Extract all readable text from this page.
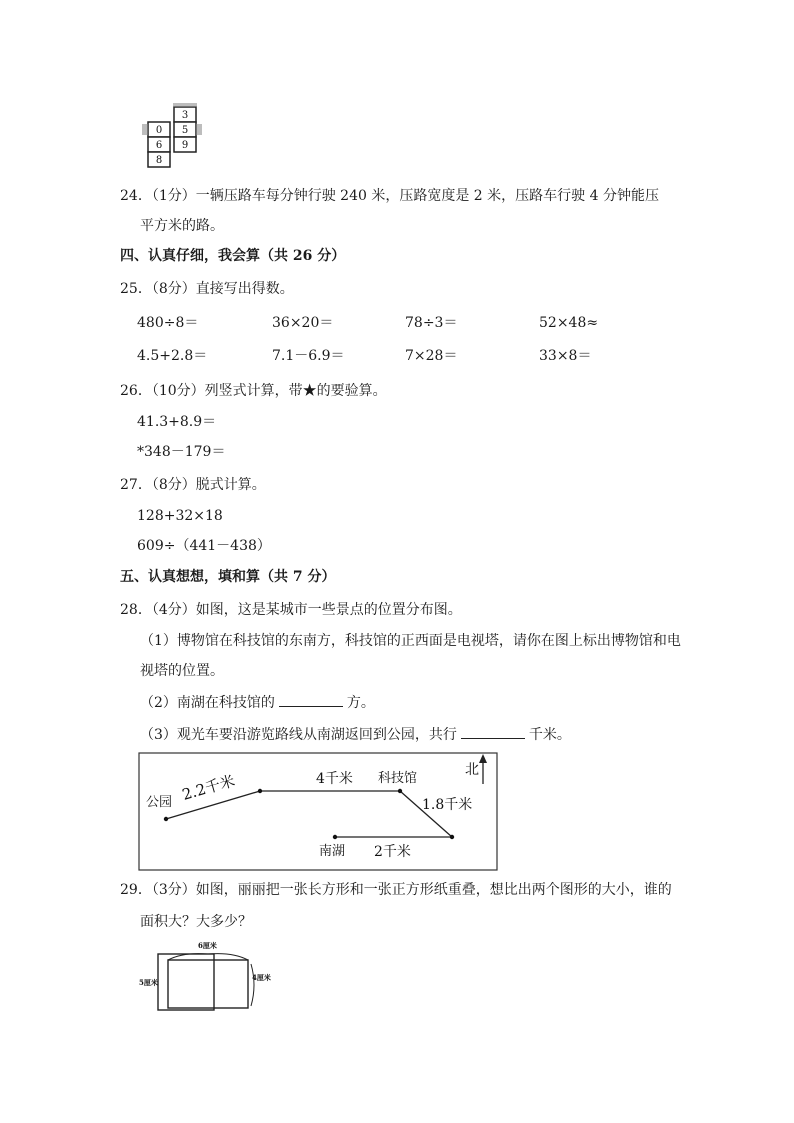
3
0 5
6 9
8
24．（1分）一辆压路车每分钟行驶 240 米，压路宽度是 2 米，压路车行驶 4 分钟能压
平方米的路。
四、认真仔细，我会算（共 26 分）
25．（8分）直接写出得数。
480÷8＝	36×20＝	78÷3＝	52×48≈
4.5+2.8＝	7.1－6.9＝	7×28＝	33×8＝
26．（10分）列竖式计算，带★的要验算。
41.3+8.9＝
*348－179＝
27．（8分）脱式计算。
128+32×18
609÷（441－438）
五、认真想想，填和算（共 7 分）
28．（4分）如图，这是某城市一些景点的位置分布图。
（1）博物馆在科技馆的东南方，科技馆的正西面是电视塔，请你在图上标出博物馆和电
视塔的位置。
（2）南湖在科技馆的	方。
（3）观光车要沿游览路线从南湖返回到公园，共行	千米。
北
公园 2.2千米	4千米 科技馆
1.8千米
南湖 2千米
29．（3分）如图，丽丽把一张长方形和一张正方形纸重叠，想比出两个图形的大小，谁的
面积大？大多少？
6厘米
5厘米
4厘米
